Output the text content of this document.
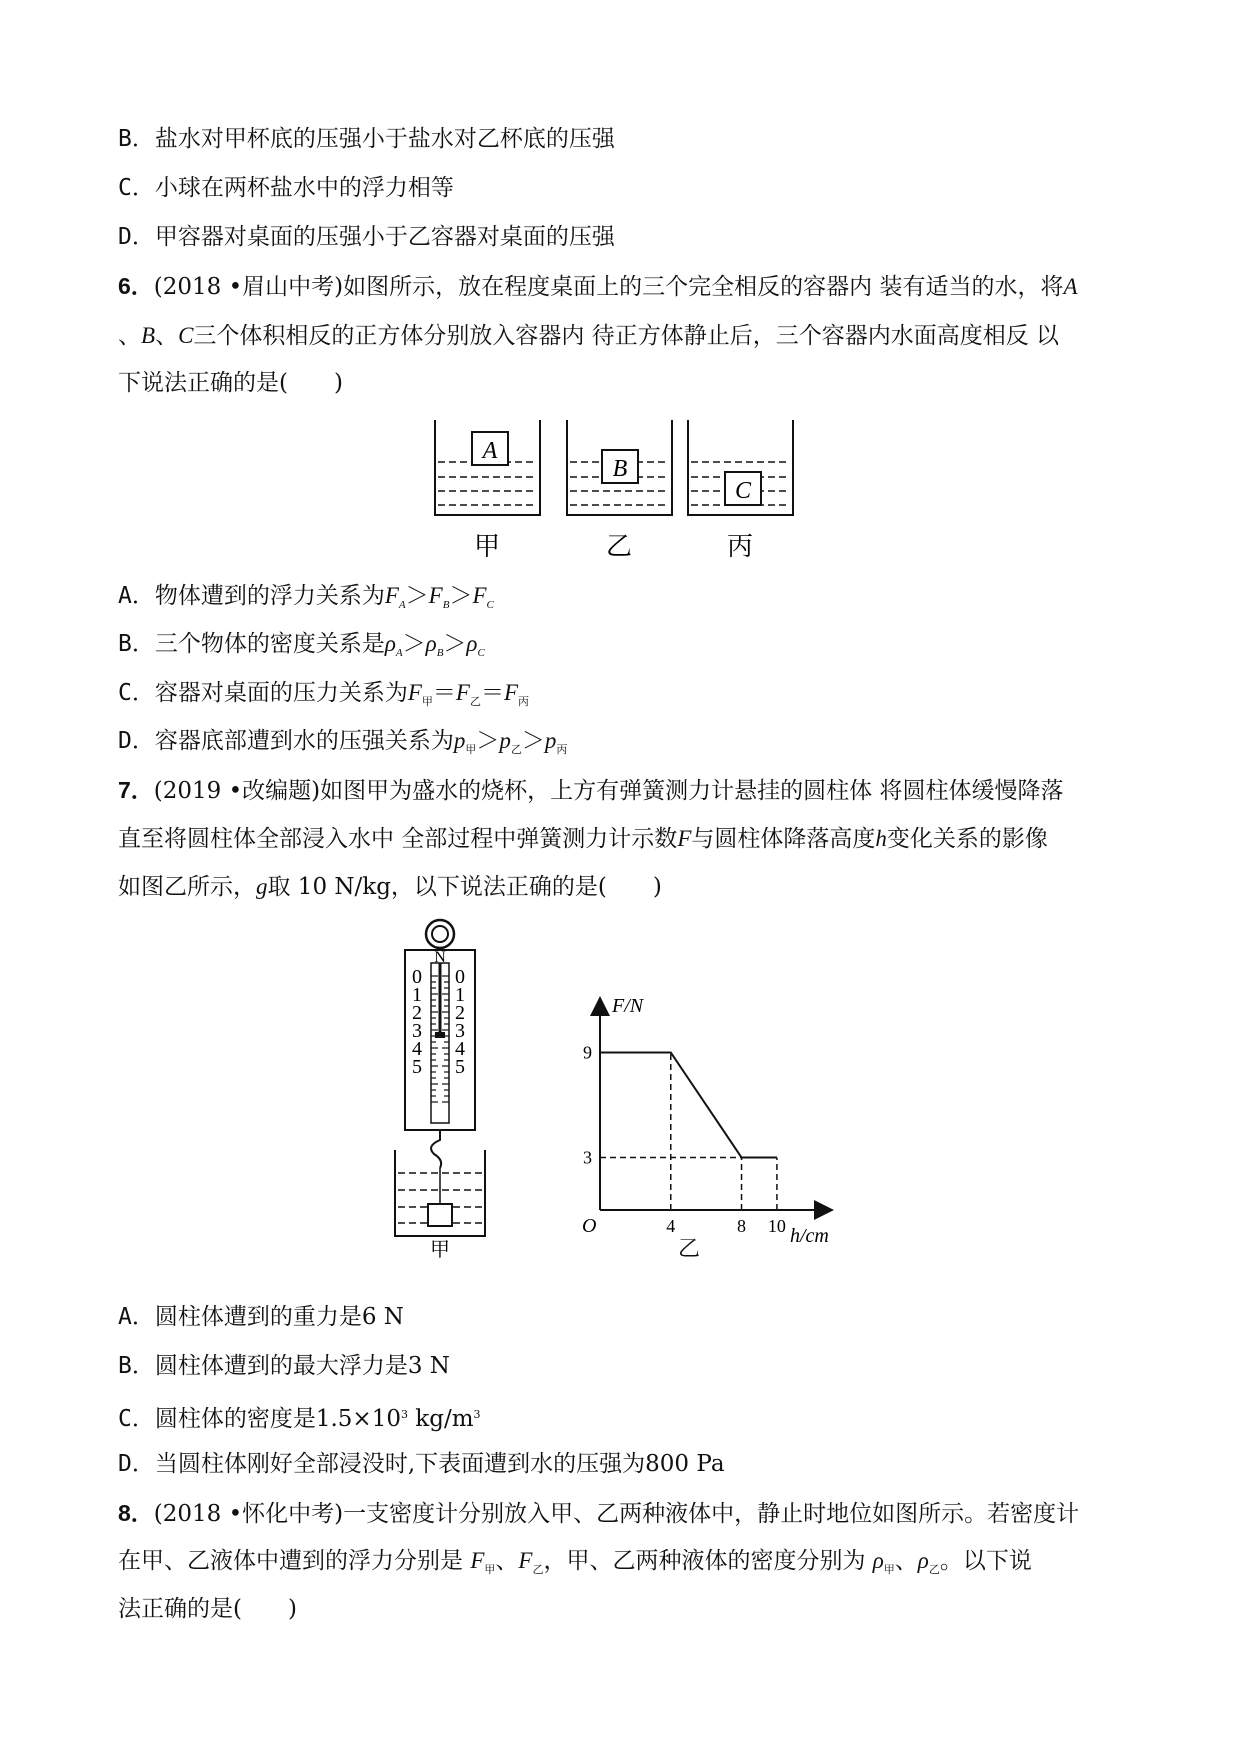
B．盐水对甲杯底的压强小于盐水对乙杯底的压强
C．小球在两杯盐水中的浮力相等
D．甲容器对桌面的压强小于乙容器对桌面的压强
6．(2018 •眉山中考)如图所示，放在程度桌面上的三个完全相反的容器内 装有适当的水，将A
、B、C三个体积相反的正方体分别放入容器内 待正方体静止后，三个容器内水面高度相反 以
下说法正确的是(　　)
A
B
C
甲	乙	丙
A．物体遭到的浮力关系为$F_A>F_B>F_C$
B．三个物体的密度关系是$\rho_A>\rho_B>\rho_C$
C．容器对桌面的压力关系为$F_甲=F_乙=F_丙$
D．容器底部遭到水的压强关系为$p_甲>p_乙>p_丙$
7．(2019 •改编题)如图甲为盛水的烧杯，上方有弹簧测力计悬挂的圆柱体 将圆柱体缓慢降落
直至将圆柱体全部浸入水中 全部过程中弹簧测力计示数F与圆柱体降落高度h变化关系的影像
如图乙所示，g取 10 N/kg，以下说法正确的是(　　)
N
0
1
2
3
4
5
0
1
2
3
4
5
甲
F/N
h/cm
O	4	8 10
3
9
乙
A．圆柱体遭到的重力是6 N
B．圆柱体遭到的最大浮力是3 N
C．圆柱体的密度是$1.5\times 10^3$ $kg/m^3$
D．当圆柱体刚好全部浸没时,下表面遭到水的压强为800 Pa
8．(2018 •怀化中考)一支密度计分别放入甲、乙两种液体中，静止时地位如图所示。若密度计
在甲、乙液体中遭到的浮力分别是 $F_甲$、$F_乙$，甲、乙两种液体的密度分别为 $\rho_甲$、$\rho_乙$。以下说
法正确的是(　　)
